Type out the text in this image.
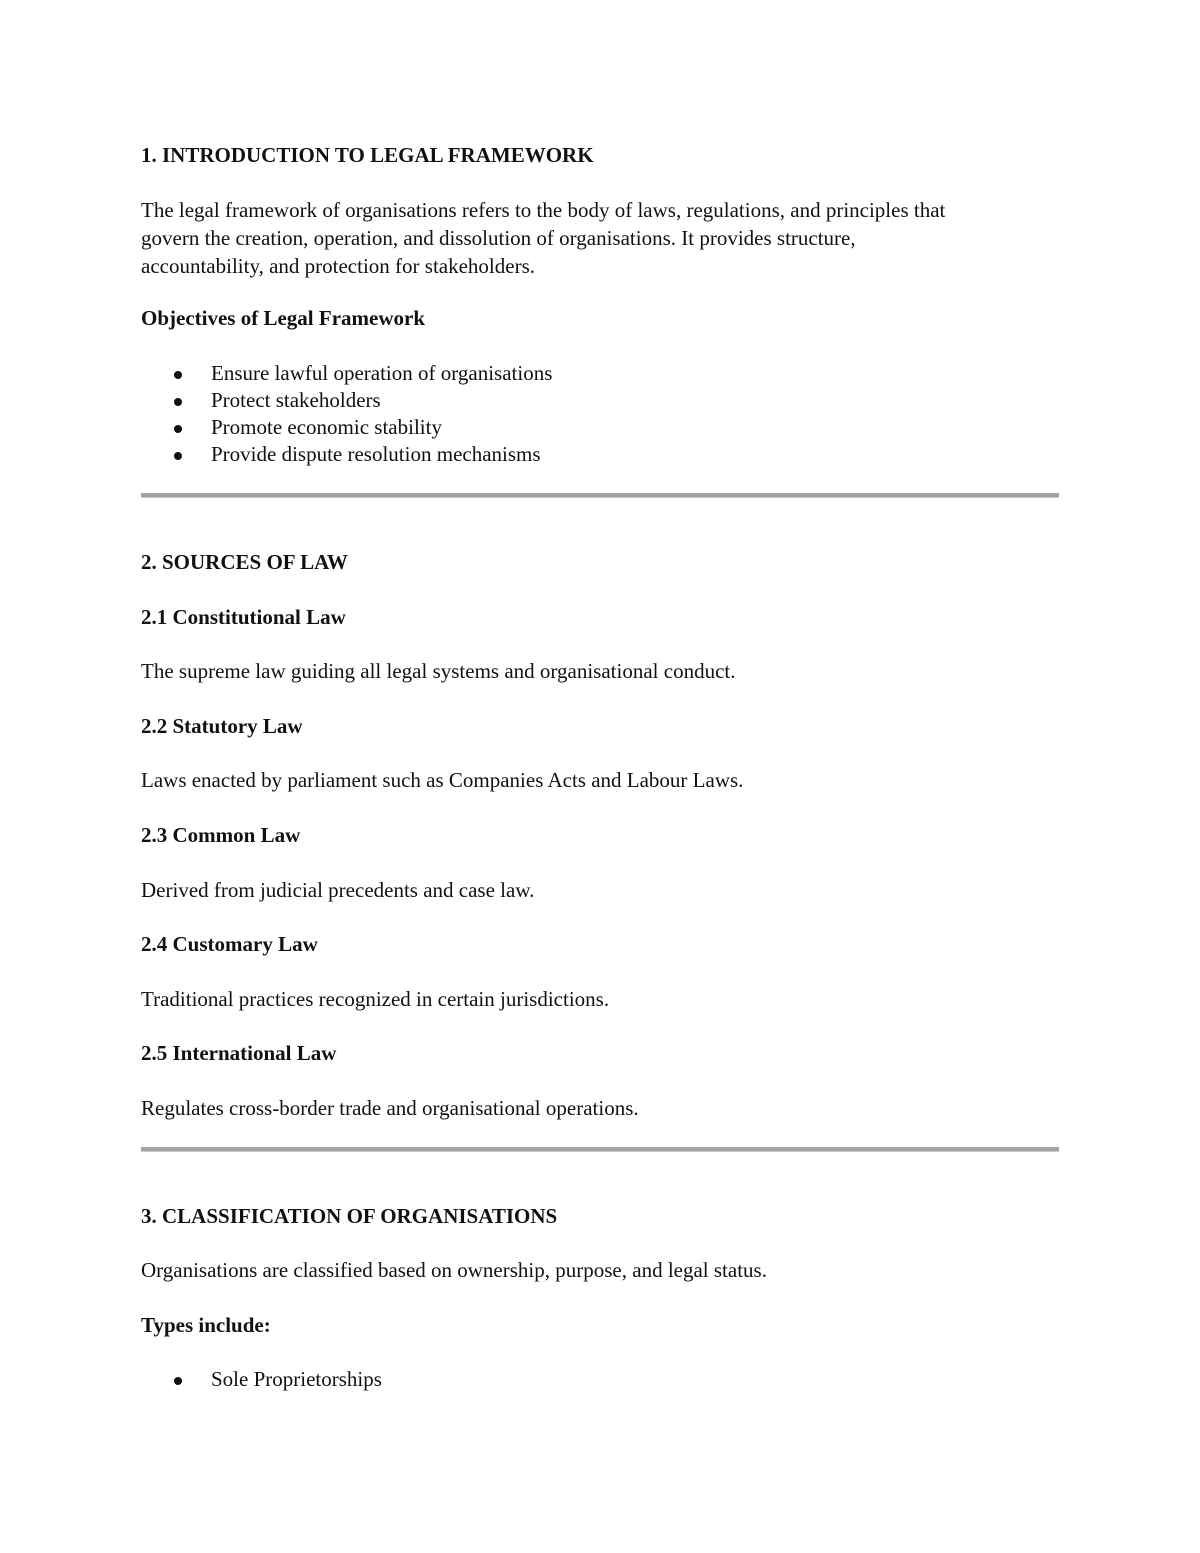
1. INTRODUCTION TO LEGAL FRAMEWORK
The legal framework of organisations refers to the body of laws, regulations, and principles that
govern the creation, operation, and dissolution of organisations. It provides structure,
accountability, and protection for stakeholders.
Objectives of Legal Framework
Ensure lawful operation of organisations
Protect stakeholders
Promote economic stability
Provide dispute resolution mechanisms
2. SOURCES OF LAW
2.1 Constitutional Law

The supreme law guiding all legal systems and organisational conduct.

2.2 Statutory Law

Laws enacted by parliament such as Companies Acts and Labour Laws.

2.3 Common Law

Derived from judicial precedents and case law.

2.4 Customary Law

Traditional practices recognized in certain jurisdictions.

2.5 International Law

Regulates cross-border trade and organisational operations.

3. CLASSIFICATION OF ORGANISATIONS

Organisations are classified based on ownership, purpose, and legal status.

Types include:
Sole Proprietorships
